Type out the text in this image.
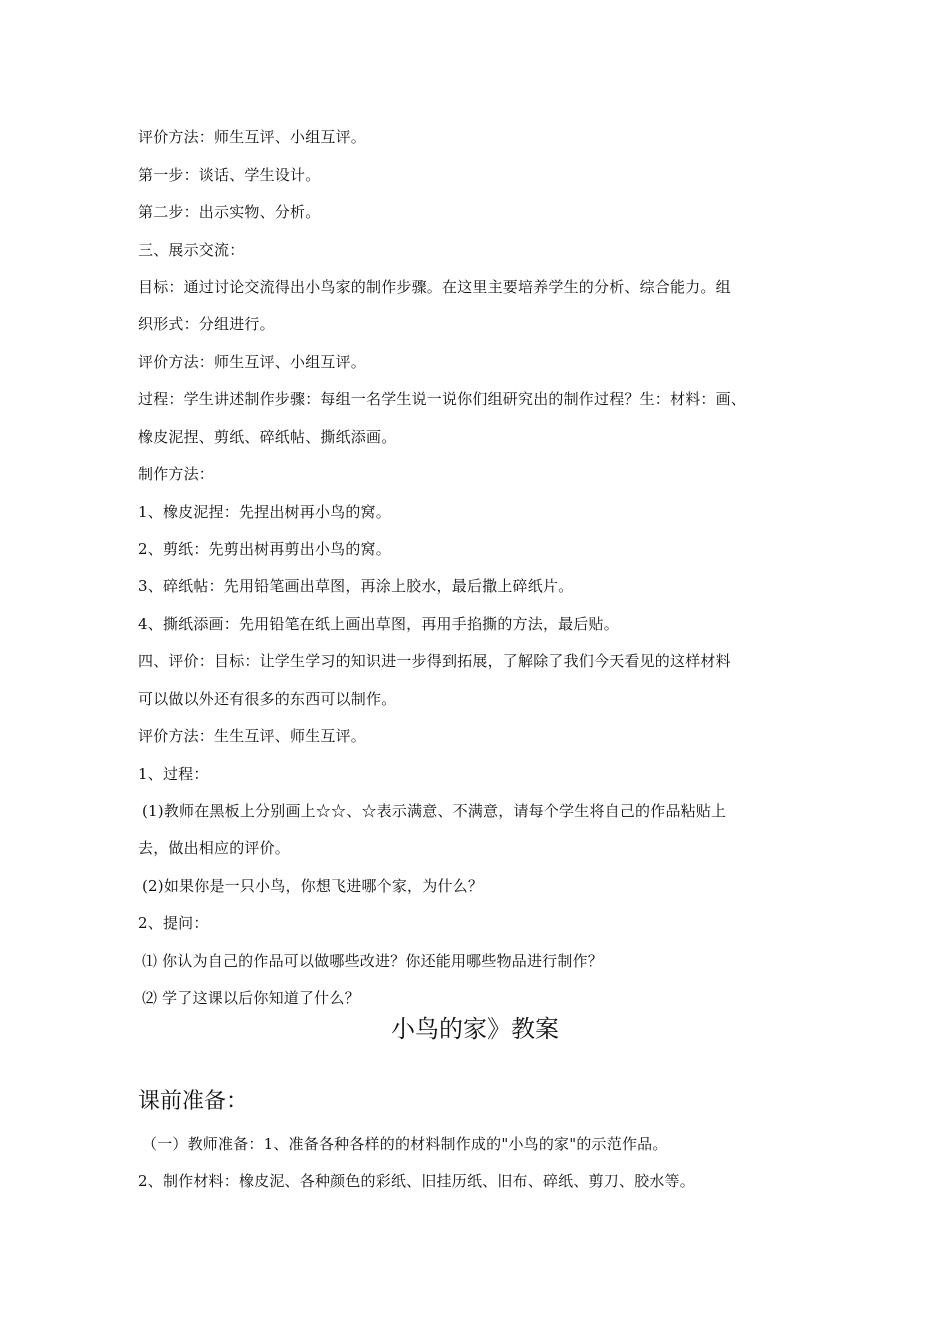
评价方法：师生互评、小组互评。
第一步：谈话、学生设计。
第二步：出示实物、分析。
三、展示交流：
目标：通过讨论交流得出小鸟家的制作步骤。在这里主要培养学生的分析、综合能力。组
织形式：分组进行。
评价方法：师生互评、小组互评。
过程：学生讲述制作步骤：每组一名学生说一说你们组研究出的制作过程？生：材料：画、
橡皮泥捏、剪纸、碎纸帖、撕纸添画。
制作方法：
1、橡皮泥捏：先捏出树再小鸟的窝。
2、剪纸：先剪出树再剪出小鸟的窝。
3、碎纸帖：先用铅笔画出草图，再涂上胶水，最后撒上碎纸片。
4、撕纸添画：先用铅笔在纸上画出草图，再用手掐撕的方法，最后贴。
四、评价：目标：让学生学习的知识进一步得到拓展，了解除了我们今天看见的这样材料
可以做以外还有很多的东西可以制作。
评价方法：生生互评、师生互评。
1、过程：
(1)教师在黑板上分别画上☆☆、☆表示满意、不满意，请每个学生将自己的作品粘贴上
去，做出相应的评价。
(2)如果你是一只小鸟，你想飞进哪个家，为什么？
2、提问：
⑴ 你认为自己的作品可以做哪些改进？你还能用哪些物品进行制作？
⑵ 学了这课以后你知道了什么？
小鸟的家》教案
课前准备：
（一）教师准备：1、准备各种各样的的材料制作成的"小鸟的家"的示范作品。
2、制作材料：橡皮泥、各种颜色的彩纸、旧挂历纸、旧布、碎纸、剪刀、胶水等。
